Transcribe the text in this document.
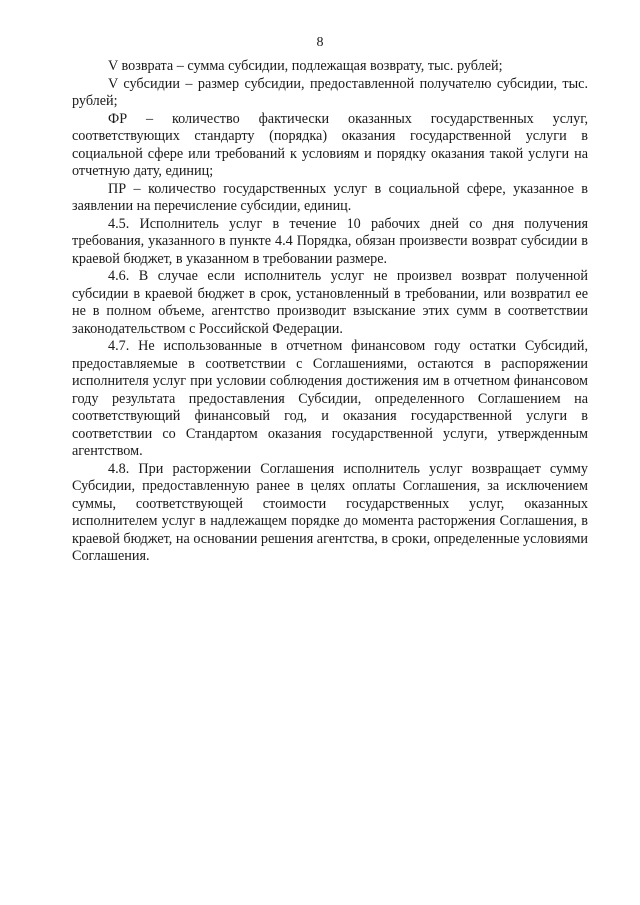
8

V возврата – сумма субсидии, подлежащая возврату, тыс. рублей;

V субсидии – размер субсидии, предоставленной получателю субсидии, тыс. рублей;

ФР – количество фактически оказанных государственных услуг, соответствующих стандарту (порядка) оказания государственной услуги в социальной сфере или требований к условиям и порядку оказания такой услуги на отчетную дату, единиц;

ПР – количество государственных услуг в социальной сфере, указанное в заявлении на перечисление субсидии, единиц.

4.5. Исполнитель услуг в течение 10 рабочих дней со дня получения требования, указанного в пункте 4.4 Порядка, обязан произвести возврат субсидии в краевой бюджет, в указанном в требовании размере.

4.6. В случае если исполнитель услуг не произвел возврат полученной субсидии в краевой бюджет в срок, установленный в требовании, или возвратил ее не в полном объеме, агентство производит взыскание этих сумм в соответствии законодательством с Российской Федерации.

4.7. Не использованные в отчетном финансовом году остатки Субсидий, предоставляемые в соответствии с Соглашениями, остаются в распоряжении исполнителя услуг при условии соблюдения достижения им в отчетном финансовом году результата предоставления Субсидии, определенного Соглашением на соответствующий финансовый год, и оказания государственной услуги в соответствии со Стандартом оказания государственной услуги, утвержденным агентством.

4.8. При расторжении Соглашения исполнитель услуг возвращает сумму Субсидии, предоставленную ранее в целях оплаты Соглашения, за исключением суммы, соответствующей стоимости государственных услуг, оказанных исполнителем услуг в надлежащем порядке до момента расторжения Соглашения, в краевой бюджет, на основании решения агентства, в сроки, определенные условиями Соглашения.
